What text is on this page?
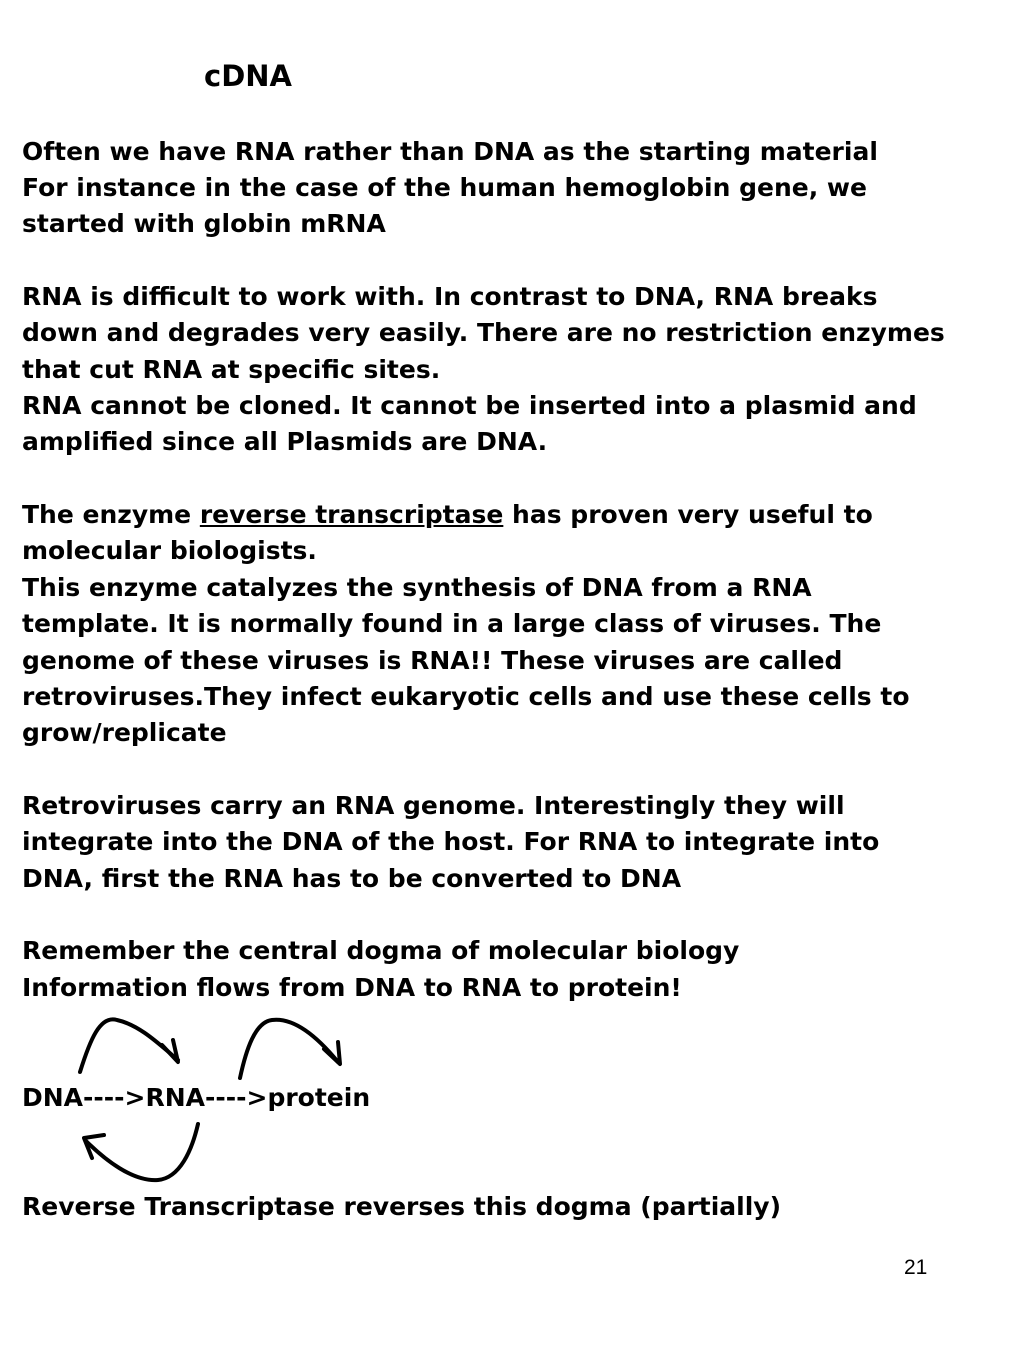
cDNA
Often we have RNA rather than DNA as the starting material
For instance in the case of the human hemoglobin gene, we
started with globin mRNA
RNA is difficult to work with. In contrast to DNA, RNA breaks
down and degrades very easily. There are no restriction enzymes
that cut RNA at specific sites.
RNA cannot be cloned. It cannot be inserted into a plasmid and
amplified since all Plasmids are DNA.
The enzyme reverse transcriptase has proven very useful to
molecular biologists.
This enzyme catalyzes the synthesis of DNA from a RNA
template. It is normally found in a large class of viruses. The
genome of these viruses is RNA!! These viruses are called
retroviruses.They infect eukaryotic cells and use these cells to
grow/replicate
Retroviruses carry an RNA genome. Interestingly they will
integrate into the DNA of the host. For RNA to integrate into
DNA, first the RNA has to be converted to DNA
Remember the central dogma of molecular biology
Information flows from DNA to RNA to protein!
DNA---->RNA---->protein
Reverse Transcriptase reverses this dogma (partially)
21
